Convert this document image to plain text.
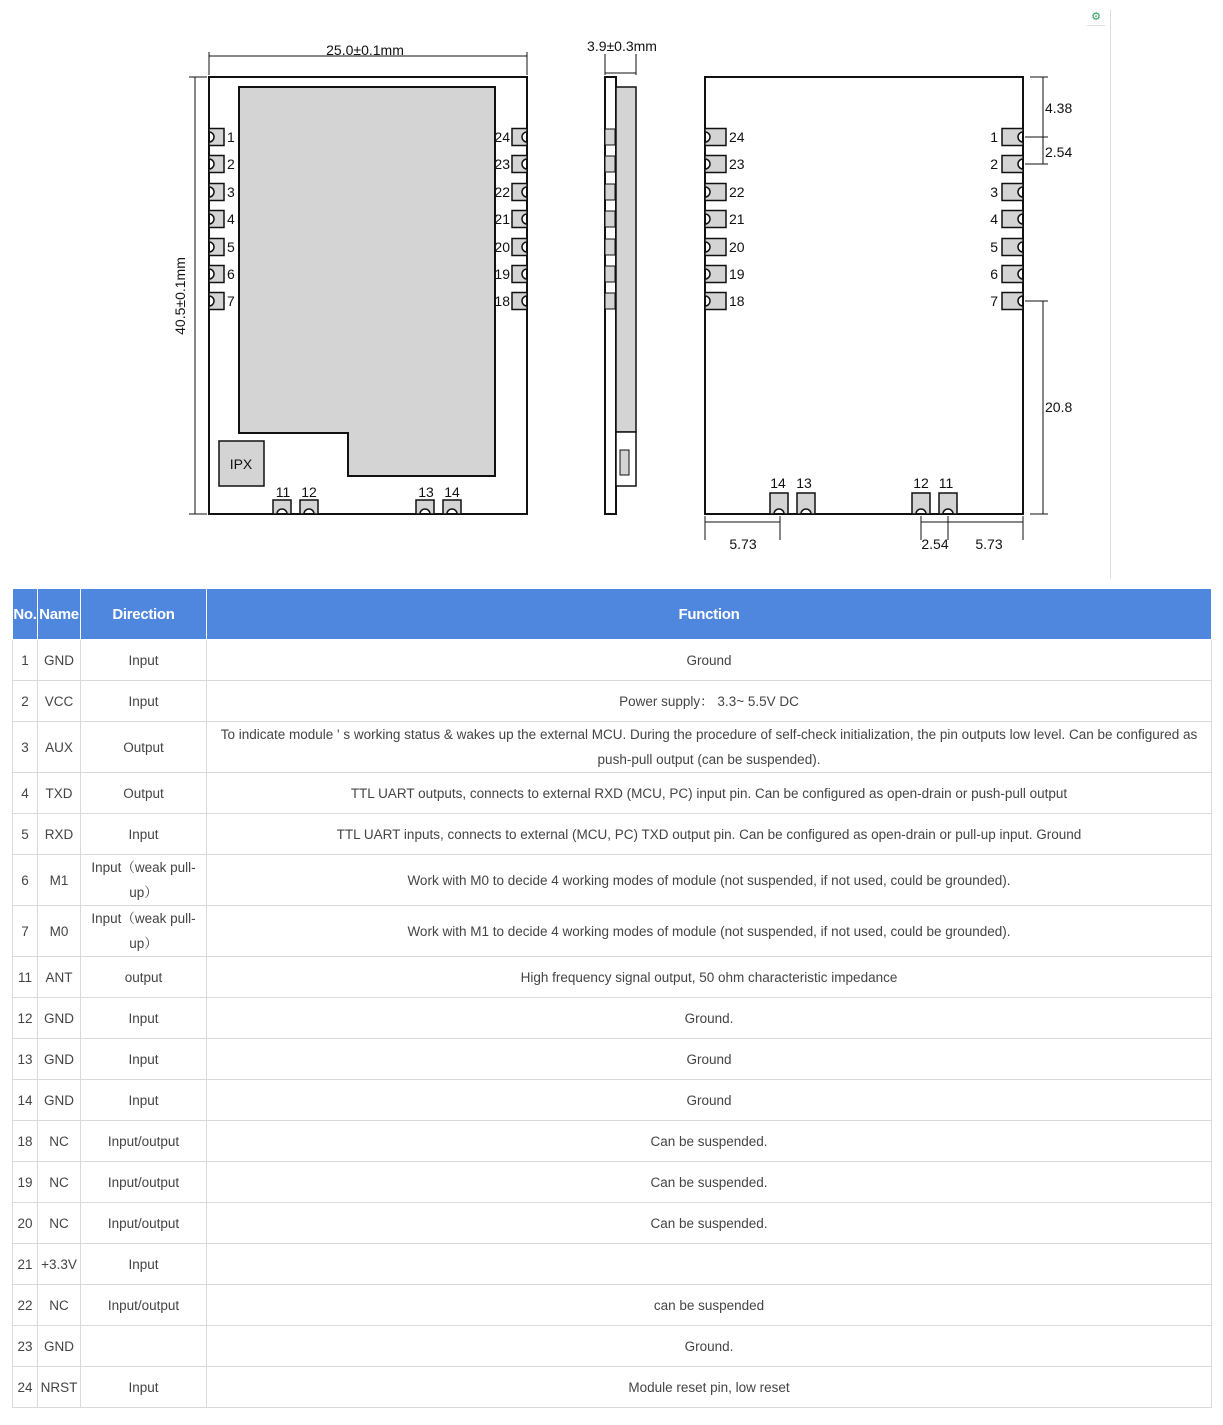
IPX
1
2
3
4
5
6
7
24
23
22
21
20
19
18
11 12	13 14
25.0±0.1mm
40.5±0.1mm
3.9±0.3mm
24
23
22
21
20
19
18
1
2
3
4
5
6
7
14 13	12 11
4.38
2.54
20.8
5.73	2.54 5.73
⚙
No.	Name	Direction	Function
1	GND	Input	Ground
2	VCC	Input	Power supply： 3.3~ 5.5V DC
3	AUX	Output	To indicate module ' s working status & wakes up the external MCU. During the procedure of self-check initialization, the pin outputs low level. Can be configured as push-pull output (can be suspended).
4	TXD	Output	TTL UART outputs, connects to external RXD (MCU, PC) input pin. Can be configured as open-drain or push-pull output
5	RXD	Input	TTL UART inputs, connects to external (MCU, PC) TXD output pin. Can be configured as open-drain or pull-up input. Ground
6	M1	Input（weak pull-up）	Work with M0 to decide 4 working modes of module (not suspended, if not used, could be grounded).
7	M0	Input（weak pull-up）	Work with M1 to decide 4 working modes of module (not suspended, if not used, could be grounded).
11	ANT	output	High frequency signal output, 50 ohm characteristic impedance
12	GND	Input	Ground.
13	GND	Input	Ground
14	GND	Input	Ground
18	NC	Input/output	Can be suspended.
19	NC	Input/output	Can be suspended.
20	NC	Input/output	Can be suspended.
21	+3.3V	Input	
22	NC	Input/output	can be suspended
23	GND		Ground.
24	NRST	Input	Module reset pin, low reset
